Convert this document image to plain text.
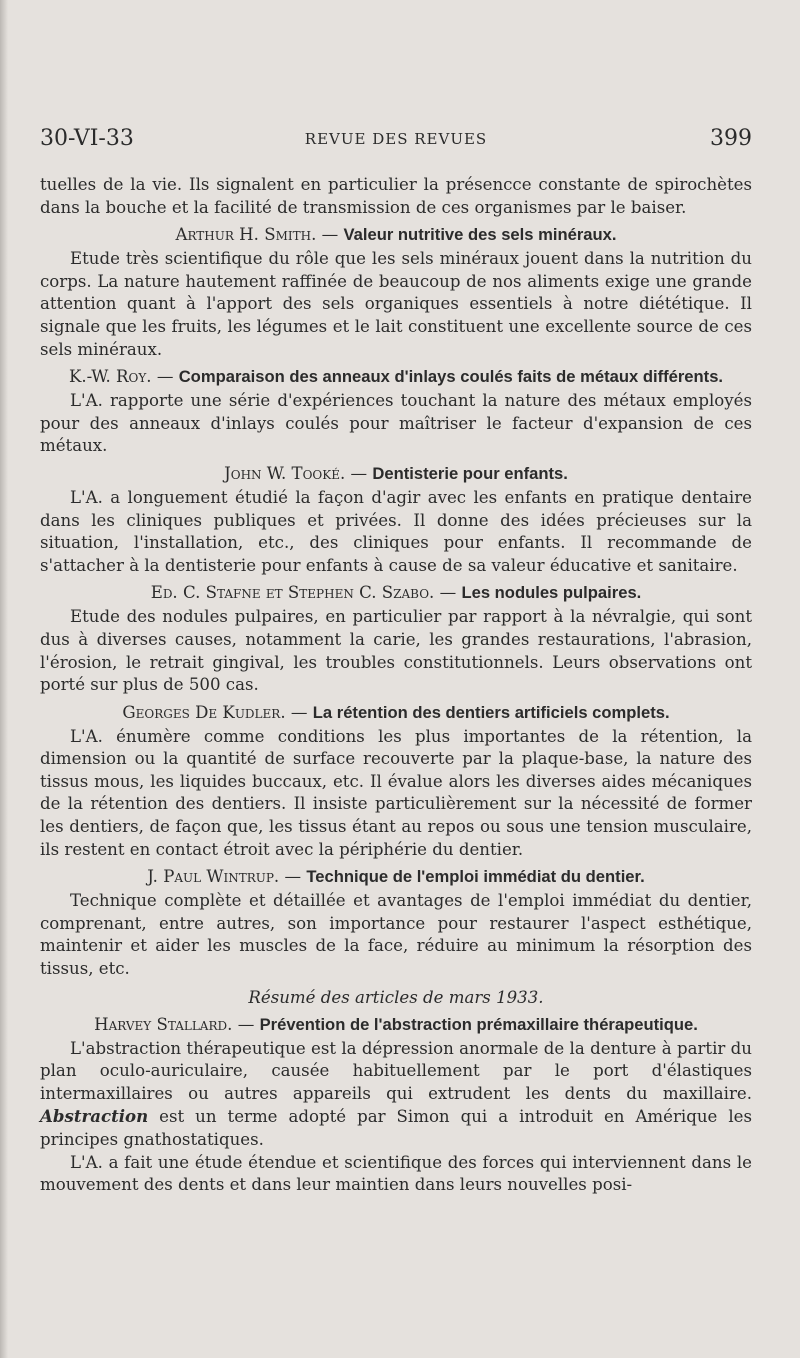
30-VI-33	REVUE DES REVUES	399

tuelles de la vie. Ils signalent en particulier la présencce constante de spirochètes dans la bouche et la facilité de transmission de ces organismes par le baiser.

Arthur H. Smith. — Valeur nutritive des sels minéraux.

Etude très scientifique du rôle que les sels minéraux jouent dans la nutrition du corps. La nature hautement raffinée de beaucoup de nos aliments exige une grande attention quant à l'apport des sels organiques essentiels à notre diététique. Il signale que les fruits, les légumes et le lait constituent une excellente source de ces sels minéraux.

K.-W. Roy. — Comparaison des anneaux d'inlays coulés faits de métaux différents.

L'A. rapporte une série d'expériences touchant la nature des métaux employés pour des anneaux d'inlays coulés pour maîtriser le facteur d'expansion de ces métaux.

John W. Tooké. — Dentisterie pour enfants.

L'A. a longuement étudié la façon d'agir avec les enfants en pratique dentaire dans les cliniques publiques et privées. Il donne des idées précieuses sur la situation, l'installation, etc., des cliniques pour enfants. Il recommande de s'attacher à la dentisterie pour enfants à cause de sa valeur éducative et sanitaire.

Ed. C. Stafne et Stephen C. Szabo. — Les nodules pulpaires.

Etude des nodules pulpaires, en particulier par rapport à la névralgie, qui sont dus à diverses causes, notamment la carie, les grandes restaurations, l'abrasion, l'érosion, le retrait gingival, les troubles constitutionnels. Leurs observations ont porté sur plus de 500 cas.

Georges De Kudler. — La rétention des dentiers artificiels complets.

L'A. énumère comme conditions les plus importantes de la rétention, la dimension ou la quantité de surface recouverte par la plaque-base, la nature des tissus mous, les liquides buccaux, etc. Il évalue alors les diverses aides mécaniques de la rétention des dentiers. Il insiste particulièrement sur la nécessité de former les dentiers, de façon que, les tissus étant au repos ou sous une tension musculaire, ils restent en contact étroit avec la périphérie du dentier.

J. Paul Wintrup. — Technique de l'emploi immédiat du dentier.

Technique complète et détaillée et avantages de l'emploi immédiat du dentier, comprenant, entre autres, son importance pour restaurer l'aspect esthétique, maintenir et aider les muscles de la face, réduire au minimum la résorption des tissus, etc.

Résumé des articles de mars 1933.
Harvey Stallard. — Prévention de l'abstraction prémaxillaire thérapeutique.

L'abstraction thérapeutique est la dépression anormale de la denture à partir du plan oculo-auriculaire, causée habituellement par le port d'élastiques intermaxillaires ou autres appareils qui extrudent les dents du maxillaire. Abstraction est un terme adopté par Simon qui a introduit en Amérique les principes gnathostatiques.

L'A. a fait une étude étendue et scientifique des forces qui interviennent dans le mouvement des dents et dans leur maintien dans leurs nouvelles posi-
